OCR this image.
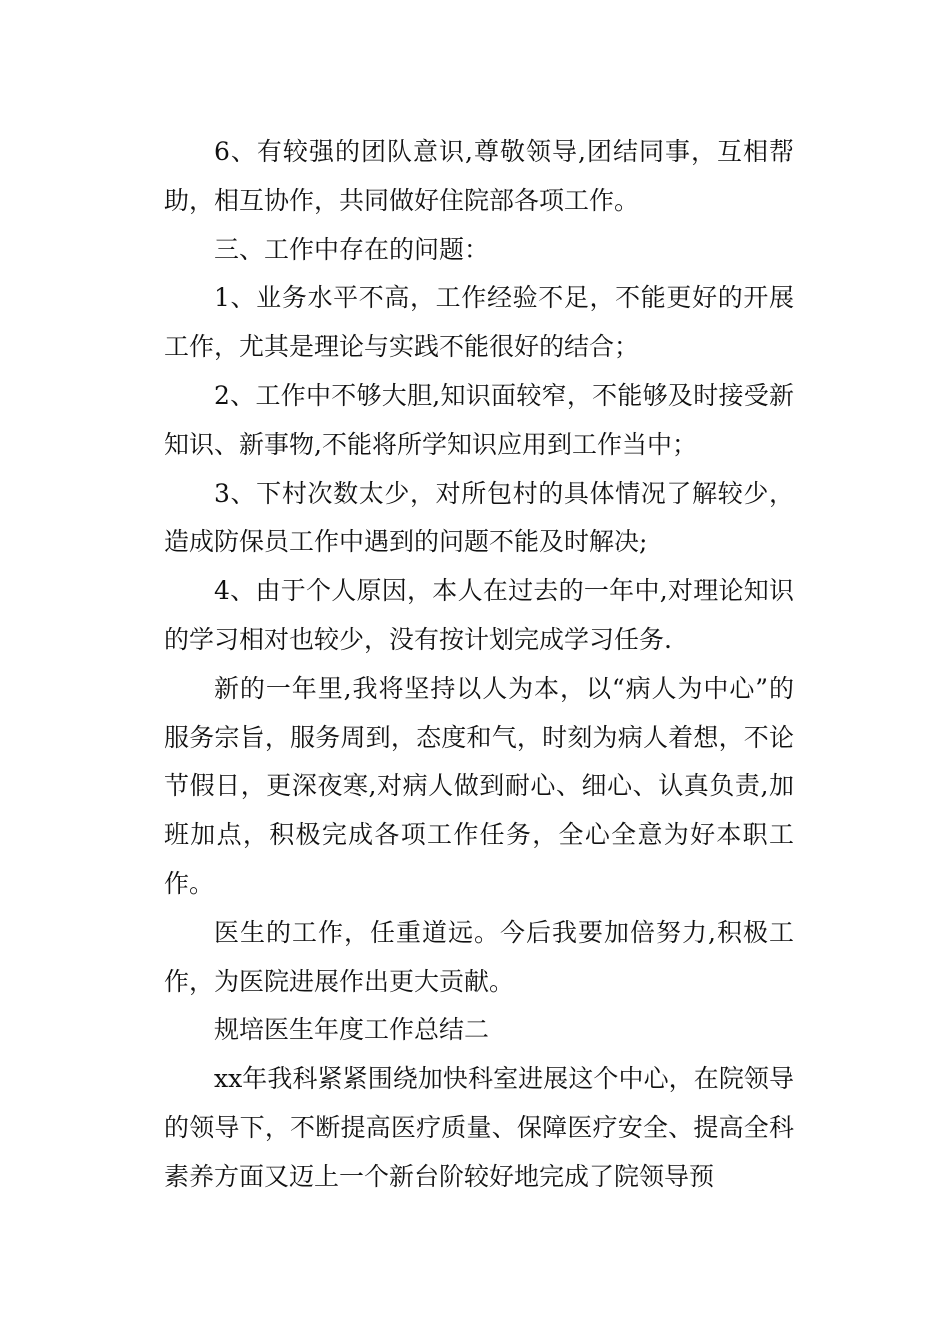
6、有较强的团队意识,尊敬领导,团结同事，互相帮助，相互协作，共同做好住院部各项工作。

三、工作中存在的问题：

1、业务水平不高，工作经验不足，不能更好的开展工作，尤其是理论与实践不能很好的结合；

2、工作中不够大胆,知识面较窄，不能够及时接受新知识、新事物,不能将所学知识应用到工作当中；

3、下村次数太少，对所包村的具体情况了解较少，造成防保员工作中遇到的问题不能及时解决;

4、由于个人原因，本人在过去的一年中,对理论知识的学习相对也较少，没有按计划完成学习任务.

新的一年里,我将坚持以人为本，以“病人为中心”的服务宗旨，服务周到，态度和气，时刻为病人着想，不论节假日，更深夜寒,对病人做到耐心、细心、认真负责,加班加点，积极完成各项工作任务，全心全意为好本职工作。

医生的工作，任重道远。今后我要加倍努力,积极工作，为医院进展作出更大贡献。

规培医生年度工作总结二

xx年我科紧紧围绕加快科室进展这个中心，在院领导的领导下，不断提高医疗质量、保障医疗安全、提高全科素养方面又迈上一个新台阶较好地完成了院领导预
